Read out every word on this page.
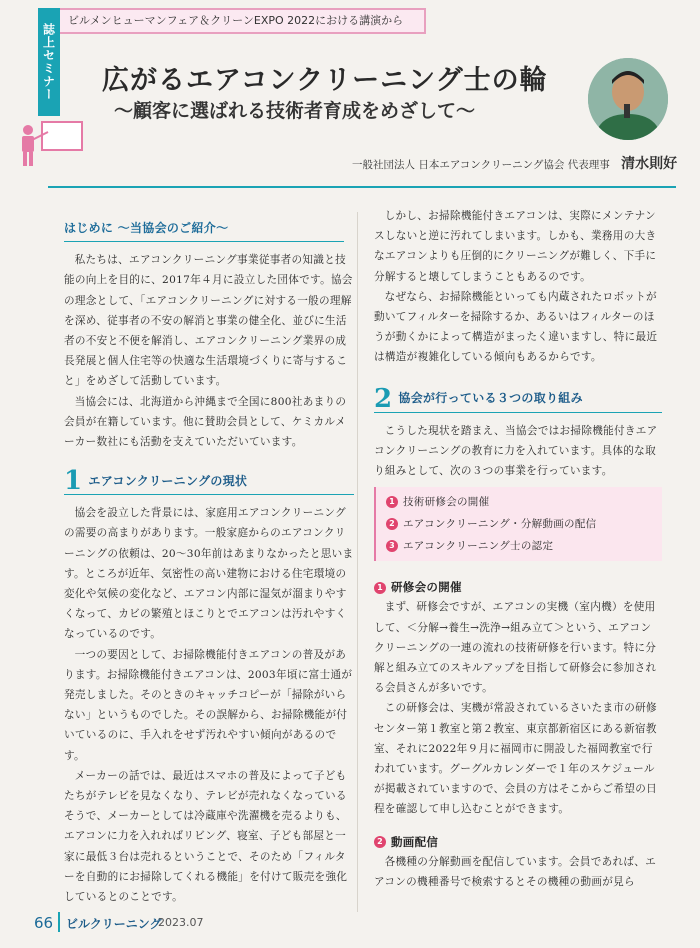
誌上セミナー
ビルメンヒューマンフェア＆クリーンEXPO 2022における講演から
広がるエアコンクリーニング士の輪
〜顧客に選ばれる技術者育成をめざして〜
一般社団法人 日本エアコンクリーニング協会 代表理事 清水則好
はじめに 〜当協会のご紹介〜

私たちは、エアコンクリーニング事業従事者の知識と技能の向上を目的に、2017年４月に設立した団体です。協会の理念として、「エアコンクリーニングに対する一般の理解を深め、従事者の不安の解消と事業の健全化、並びに生活者の不安と不便を解消し、エアコンクリーニング業界の成長発展と個人住宅等の快適な生活環境づくりに寄与すること」をめざして活動しています。

当協会には、北海道から沖縄まで全国に800社あまりの会員が在籍しています。他に賛助会員として、ケミカルメーカー数社にも活動を支えていただいています。

1 エアコンクリーニングの現状

協会を設立した背景には、家庭用エアコンクリーニングの需要の高まりがあります。一般家庭からのエアコンクリーニングの依頼は、20〜30年前はあまりなかったと思います。ところが近年、気密性の高い建物における住宅環境の変化や気候の変化など、エアコン内部に湿気が溜まりやすくなって、カビの繁殖とほこりとでエアコンは汚れやすくなっているのです。

一つの要因として、お掃除機能付きエアコンの普及があります。お掃除機能付きエアコンは、2003年頃に富士通が発売しました。そのときのキャッチコピーが「掃除がいらない」というものでした。その誤解から、お掃除機能が付いているのに、手入れをせず汚れやすい傾向があるのです。

メーカーの話では、最近はスマホの普及によって子どもたちがテレビを見なくなり、テレビが売れなくなっているそうで、メーカーとしては冷蔵庫や洗濯機を売るよりも、エアコンに力を入れればリビング、寝室、子ども部屋と一家に最低３台は売れるということで、そのため「フィルターを自動的にお掃除してくれる機能」を付けて販売を強化しているとのことです。

しかし、お掃除機能付きエアコンは、実際にメンテナンスしないと逆に汚れてしまいます。しかも、業務用の大きなエアコンよりも圧倒的にクリーニングが難しく、下手に分解すると壊してしまうこともあるのです。

なぜなら、お掃除機能といっても内蔵されたロボットが動いてフィルターを掃除するか、あるいはフィルターのほうが動くかによって構造がまったく違いますし、特に最近は構造が複雑化している傾向もあるからです。

2 協会が行っている３つの取り組み

こうした現状を踏まえ、当協会ではお掃除機能付きエアコンクリーニングの教育に力を入れています。具体的な取り組みとして、次の３つの事業を行っています。

1 技術研修会の開催
2 エアコンクリーニング・分解動画の配信
3 エアコンクリーニング士の認定
1 研修会の開催

まず、研修会ですが、エアコンの実機（室内機）を使用して、＜分解→養生→洗浄→組み立て＞という、エアコンクリーニングの一連の流れの技術研修を行います。特に分解と組み立てのスキルアップを目指して研修会に参加される会員さんが多いです。

この研修会は、実機が常設されているさいたま市の研修センター第１教室と第２教室、東京都新宿区にある新宿教室、それに2022年９月に福岡市に開設した福岡教室で行われています。グーグルカレンダーで１年のスケジュールが掲載されていますので、会員の方はそこからご希望の日程を確認して申し込むことができます。

2 動画配信

各機種の分解動画を配信しています。会員であれば、エアコンの機種番号で検索するとその機種の動画が見ら

66 ビルクリーニング
2023.07
